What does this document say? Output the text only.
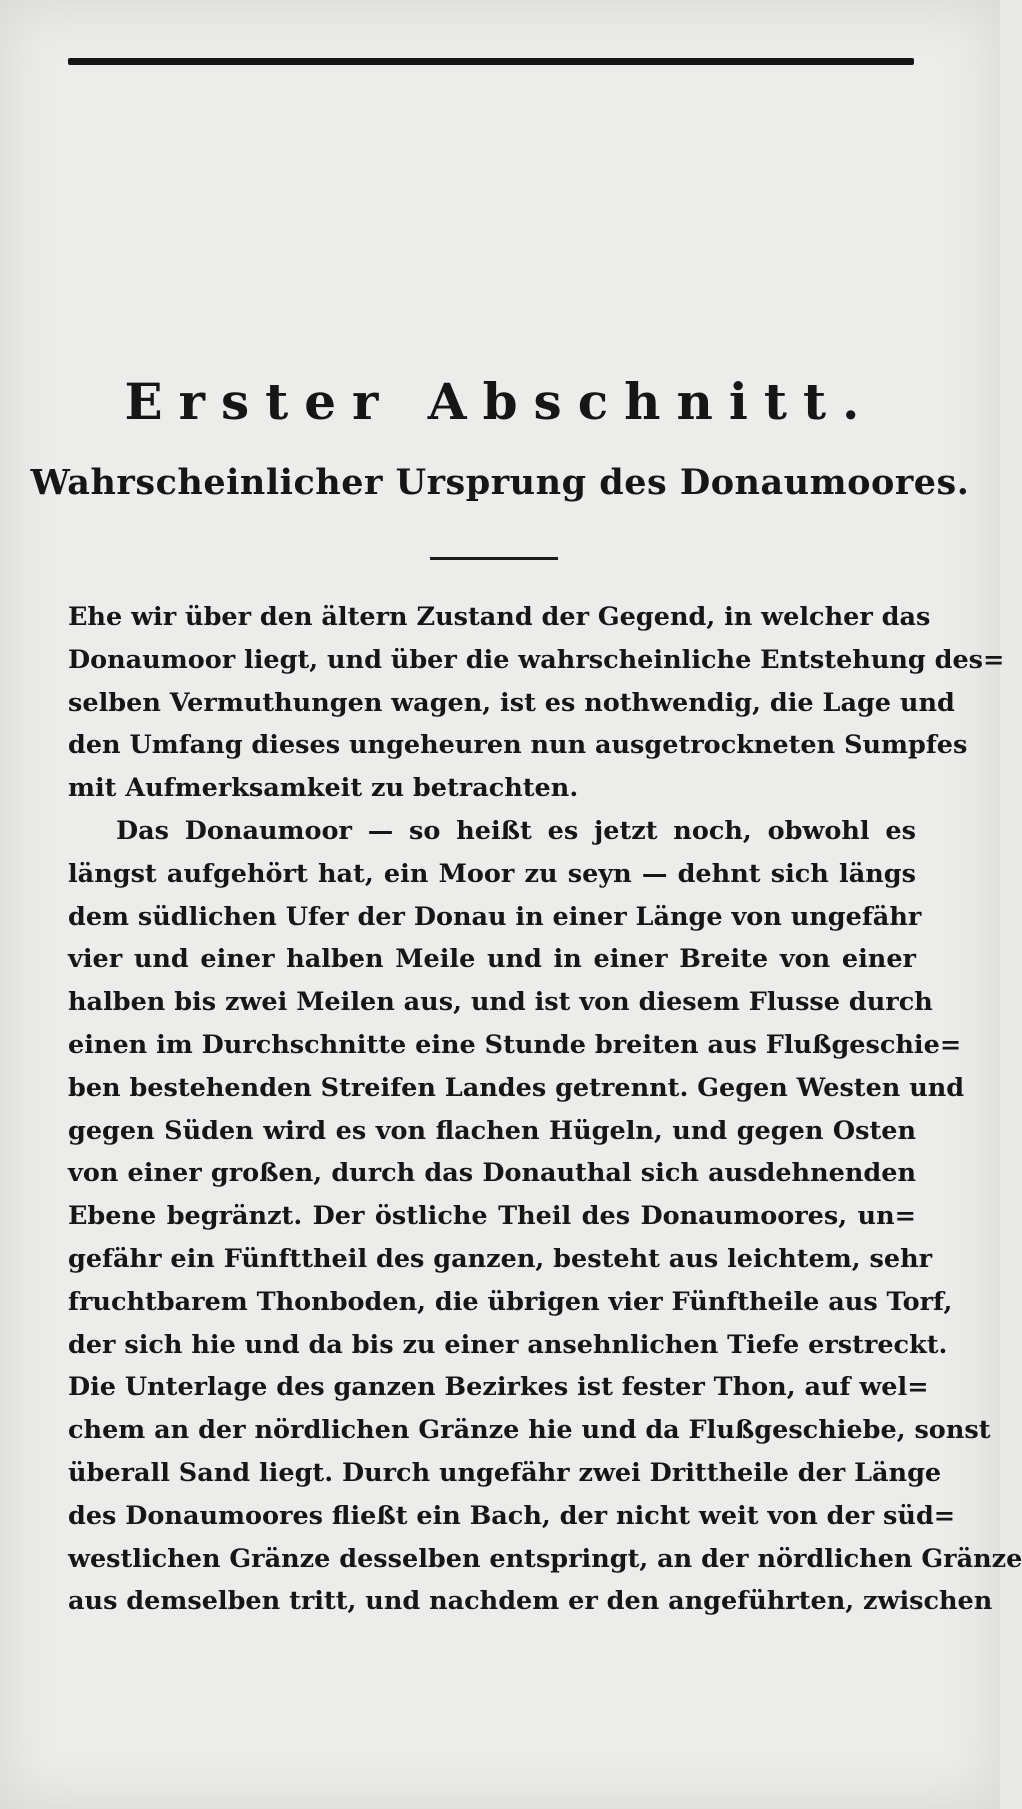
Erster Abschnitt.
Wahrscheinlicher Ursprung des Donaumoores.
Ehe wir über den ältern Zustand der Gegend, in welcher das
Donaumoor liegt, und über die wahrscheinliche Entstehung des=
selben Vermuthungen wagen, ist es nothwendig, die Lage und
den Umfang dieses ungeheuren nun ausgetrockneten Sumpfes
mit Aufmerksamkeit zu betrachten.
Das Donaumoor — so heißt es jetzt noch, obwohl es
längst aufgehört hat, ein Moor zu seyn — dehnt sich längs
dem südlichen Ufer der Donau in einer Länge von ungefähr
vier und einer halben Meile und in einer Breite von einer
halben bis zwei Meilen aus, und ist von diesem Flusse durch
einen im Durchschnitte eine Stunde breiten aus Flußgeschie=
ben bestehenden Streifen Landes getrennt. Gegen Westen und
gegen Süden wird es von flachen Hügeln, und gegen Osten
von einer großen, durch das Donauthal sich ausdehnenden
Ebene begränzt. Der östliche Theil des Donaumoores, un=
gefähr ein Fünfttheil des ganzen, besteht aus leichtem, sehr
fruchtbarem Thonboden, die übrigen vier Fünftheile aus Torf,
der sich hie und da bis zu einer ansehnlichen Tiefe erstreckt.
Die Unterlage des ganzen Bezirkes ist fester Thon, auf wel=
chem an der nördlichen Gränze hie und da Flußgeschiebe, sonst
überall Sand liegt. Durch ungefähr zwei Drittheile der Länge
des Donaumoores fließt ein Bach, der nicht weit von der süd=
westlichen Gränze desselben entspringt, an der nördlichen Gränze
aus demselben tritt, und nachdem er den angeführten, zwischen
